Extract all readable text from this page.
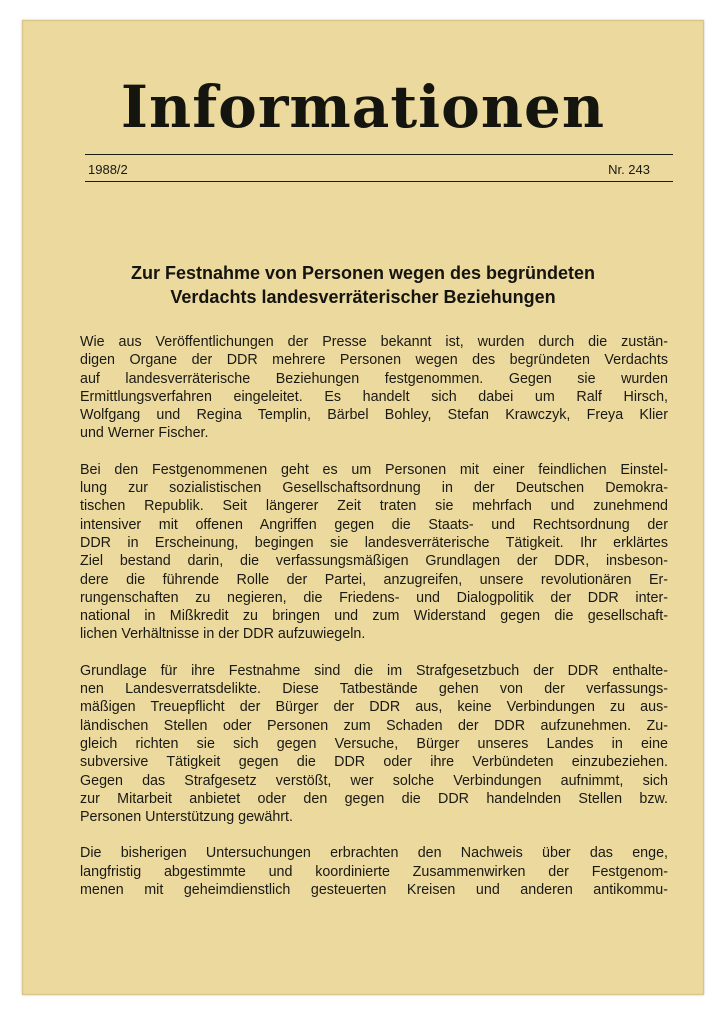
Informationen
1988/2	Nr. 243
Zur Festnahme von Personen wegen des begründeten
Verdachts landesverräterischer Beziehungen

Wie aus Veröffentlichungen der Presse bekannt ist, wurden durch die zustän-
digen Organe der DDR mehrere Personen wegen des begründeten Verdachts
auf landesverräterische Beziehungen festgenommen. Gegen sie wurden
Ermittlungsverfahren eingeleitet. Es handelt sich dabei um Ralf Hirsch,
Wolfgang und Regina Templin, Bärbel Bohley, Stefan Krawczyk, Freya Klier
und Werner Fischer.

Bei den Festgenommenen geht es um Personen mit einer feindlichen Einstel-
lung zur sozialistischen Gesellschaftsordnung in der Deutschen Demokra-
tischen Republik. Seit längerer Zeit traten sie mehrfach und zunehmend
intensiver mit offenen Angriffen gegen die Staats- und Rechtsordnung der
DDR in Erscheinung, begingen sie landesverräterische Tätigkeit. Ihr erklärtes
Ziel bestand darin, die verfassungsmäßigen Grundlagen der DDR, insbeson-
dere die führende Rolle der Partei, anzugreifen, unsere revolutionären Er-
rungenschaften zu negieren, die Friedens- und Dialogpolitik der DDR inter-
national in Mißkredit zu bringen und zum Widerstand gegen die gesellschaft-
lichen Verhältnisse in der DDR aufzuwiegeln.

Grundlage für ihre Festnahme sind die im Strafgesetzbuch der DDR enthalte-
nen Landesverratsdelikte. Diese Tatbestände gehen von der verfassungs-
mäßigen Treuepflicht der Bürger der DDR aus, keine Verbindungen zu aus-
ländischen Stellen oder Personen zum Schaden der DDR aufzunehmen. Zu-
gleich richten sie sich gegen Versuche, Bürger unseres Landes in eine
subversive Tätigkeit gegen die DDR oder ihre Verbündeten einzubeziehen.
Gegen das Strafgesetz verstößt, wer solche Verbindungen aufnimmt, sich
zur Mitarbeit anbietet oder den gegen die DDR handelnden Stellen bzw.
Personen Unterstützung gewährt.

Die bisherigen Untersuchungen erbrachten den Nachweis über das enge,
langfristig abgestimmte und koordinierte Zusammenwirken der Festgenom-
menen mit geheimdienstlich gesteuerten Kreisen und anderen antikommu-
